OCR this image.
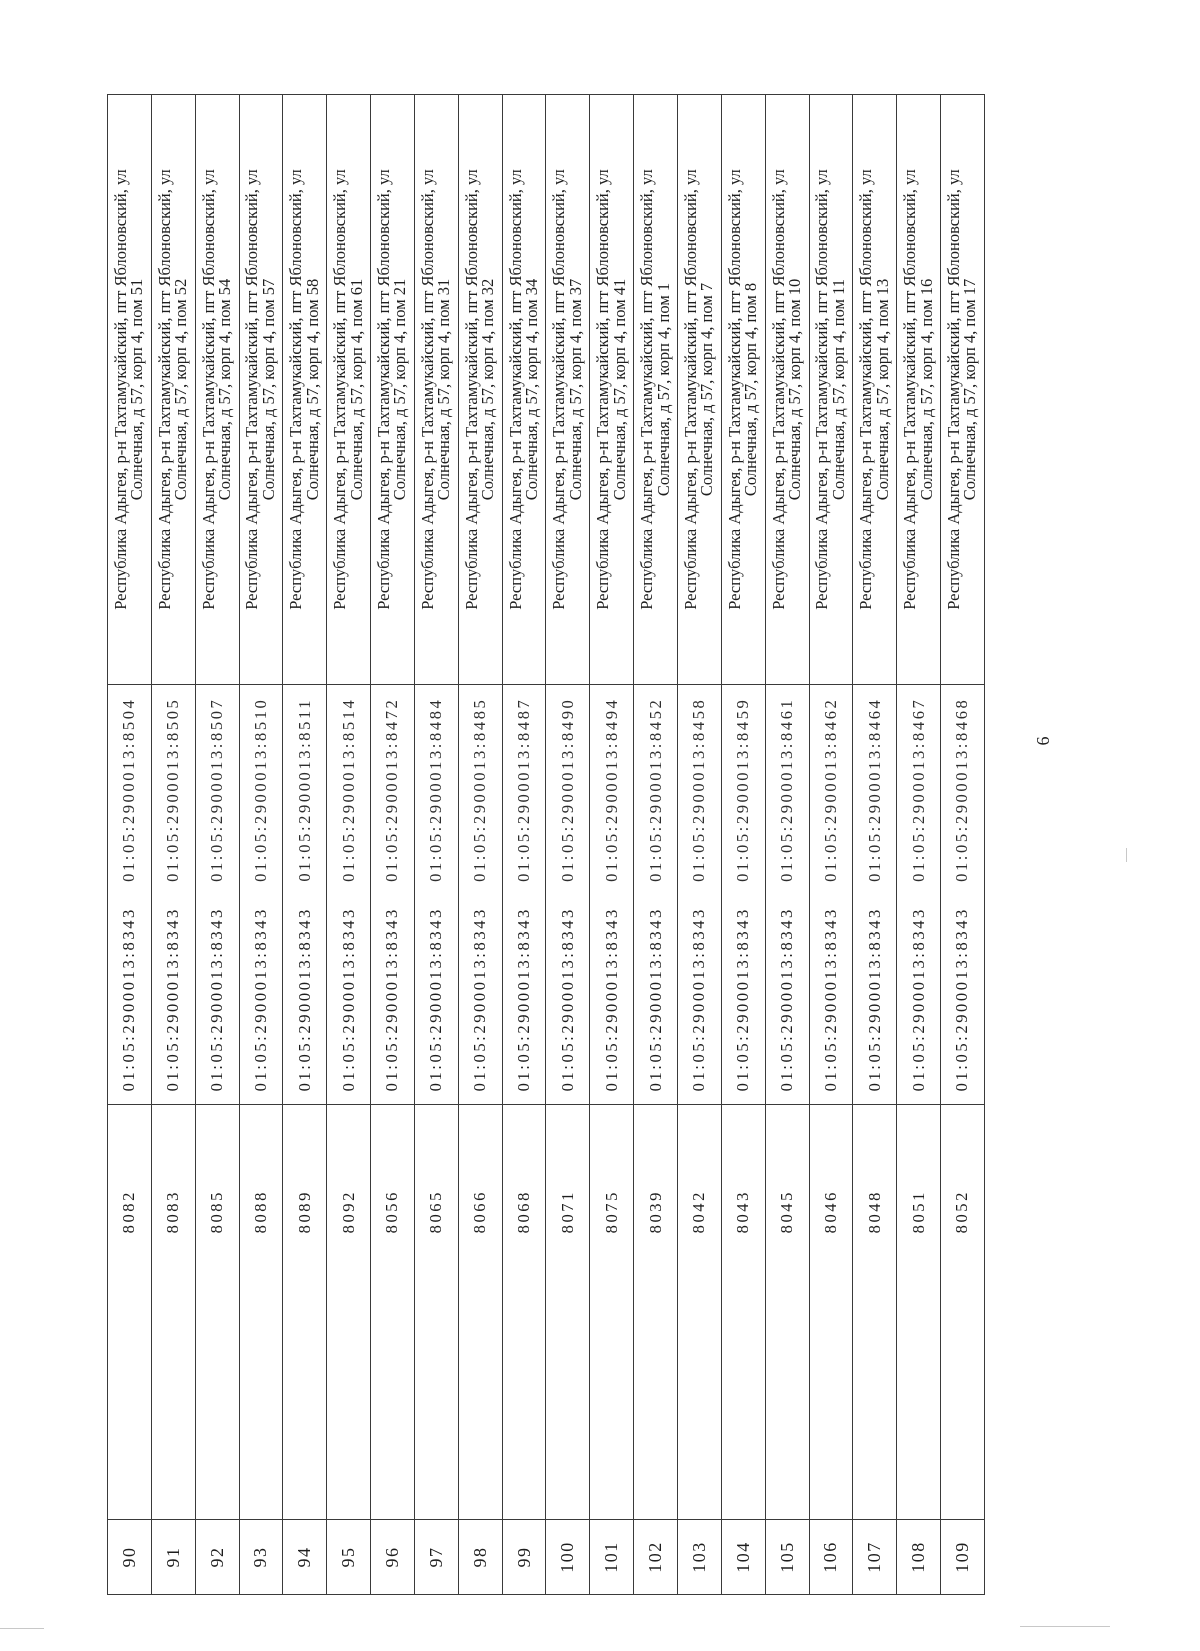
90	8082	01:05:2900013:8343	01:05:2900013:8504	Республика Адыгея, р-н Тахтамукайский, пгт Яблоновский, ул
Солнечная, д 57, корп 4, пом 51

91	8083	01:05:2900013:8343	01:05:2900013:8505	Республика Адыгея, р-н Тахтамукайский, пгт Яблоновский, ул
Солнечная, д 57, корп 4, пом 52

92	8085	01:05:2900013:8343	01:05:2900013:8507	Республика Адыгея, р-н Тахтамукайский, пгт Яблоновский, ул
Солнечная, д 57, корп 4, пом 54

93	8088	01:05:2900013:8343	01:05:2900013:8510	Республика Адыгея, р-н Тахтамукайский, пгт Яблоновский, ул
Солнечная, д 57, корп 4, пом 57

94	8089	01:05:2900013:8343	01:05:2900013:8511	Республика Адыгея, р-н Тахтамукайский, пгт Яблоновский, ул
Солнечная, д 57, корп 4, пом 58

95	8092	01:05:2900013:8343	01:05:2900013:8514	Республика Адыгея, р-н Тахтамукайский, пгт Яблоновский, ул
Солнечная, д 57, корп 4, пом 61

96	8056	01:05:2900013:8343	01:05:2900013:8472	Республика Адыгея, р-н Тахтамукайский, пгт Яблоновский, ул
Солнечная, д 57, корп 4, пом 21

97	8065	01:05:2900013:8343	01:05:2900013:8484	Республика Адыгея, р-н Тахтамукайский, пгт Яблоновский, ул
Солнечная, д 57, корп 4, пом 31

98	8066	01:05:2900013:8343	01:05:2900013:8485	Республика Адыгея, р-н Тахтамукайский, пгт Яблоновский, ул
Солнечная, д 57, корп 4, пом 32

99	8068	01:05:2900013:8343	01:05:2900013:8487	Республика Адыгея, р-н Тахтамукайский, пгт Яблоновский, ул
Солнечная, д 57, корп 4, пом 34

100	8071	01:05:2900013:8343	01:05:2900013:8490	Республика Адыгея, р-н Тахтамукайский, пгт Яблоновский, ул
Солнечная, д 57, корп 4, пом 37

101	8075	01:05:2900013:8343	01:05:2900013:8494	Республика Адыгея, р-н Тахтамукайский, пгт Яблоновский, ул
Солнечная, д 57, корп 4, пом 41

102	8039	01:05:2900013:8343	01:05:2900013:8452	Республика Адыгея, р-н Тахтамукайский, пгт Яблоновский, ул
Солнечная, д 57, корп 4, пом 1

103	8042	01:05:2900013:8343	01:05:2900013:8458	Республика Адыгея, р-н Тахтамукайский, пгт Яблоновский, ул
Солнечная, д 57, корп 4, пом 7

104	8043	01:05:2900013:8343	01:05:2900013:8459	Республика Адыгея, р-н Тахтамукайский, пгт Яблоновский, ул
Солнечная, д 57, корп 4, пом 8

105	8045	01:05:2900013:8343	01:05:2900013:8461	Республика Адыгея, р-н Тахтамукайский, пгт Яблоновский, ул
Солнечная, д 57, корп 4, пом 10

106	8046	01:05:2900013:8343	01:05:2900013:8462	Республика Адыгея, р-н Тахтамукайский, пгт Яблоновский, ул
Солнечная, д 57, корп 4, пом 11

107	8048	01:05:2900013:8343	01:05:2900013:8464	Республика Адыгея, р-н Тахтамукайский, пгт Яблоновский, ул
Солнечная, д 57, корп 4, пом 13

108	8051	01:05:2900013:8343	01:05:2900013:8467	Республика Адыгея, р-н Тахтамукайский, пгт Яблоновский, ул
Солнечная, д 57, корп 4, пом 16

109	8052	01:05:2900013:8343	01:05:2900013:8468	Республика Адыгея, р-н Тахтамукайский, пгт Яблоновский, ул
Солнечная, д 57, корп 4, пом 17
6
